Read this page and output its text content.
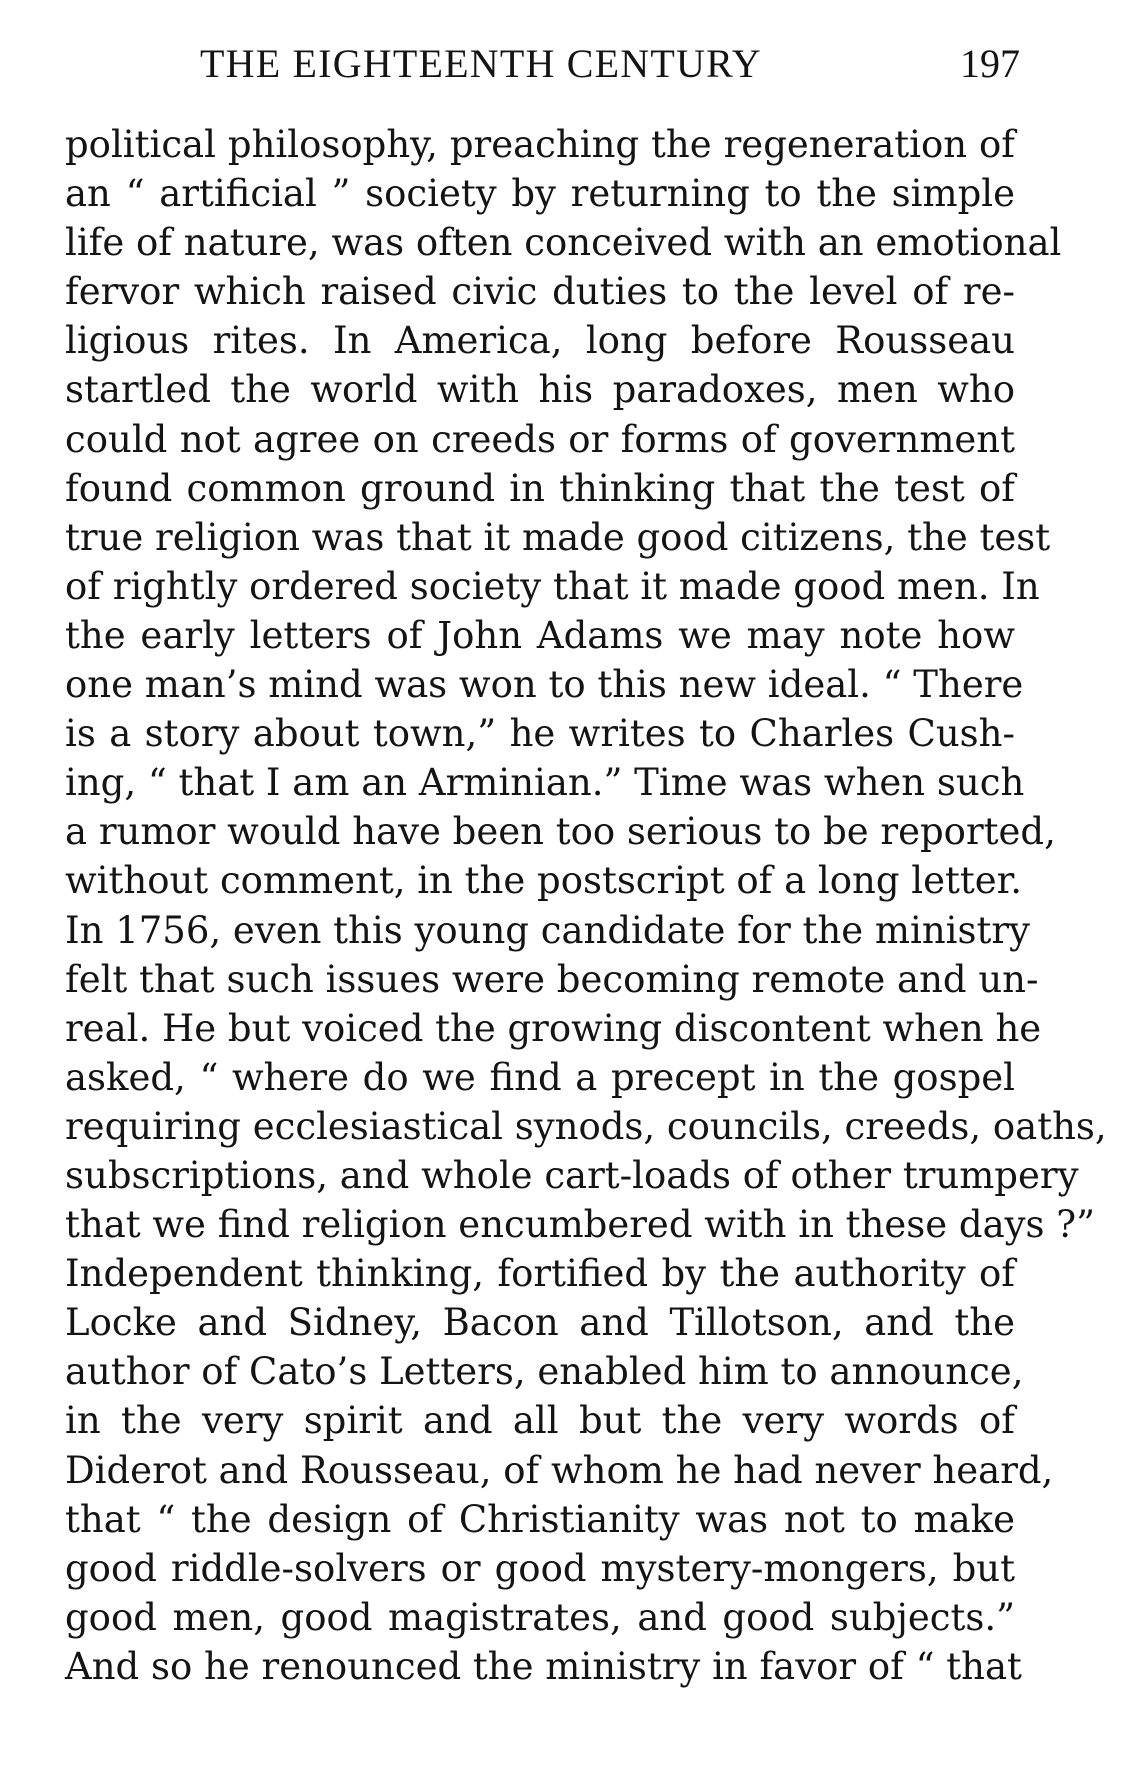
THE EIGHTEENTH CENTURY	197
political philosophy, preaching the regeneration of
an “ artificial ” society by returning to the simple
life of nature, was often conceived with an emotional
fervor which raised civic duties to the level of re-
ligious rites. In America, long before Rousseau
startled the world with his paradoxes, men who
could not agree on creeds or forms of government
found common ground in thinking that the test of
true religion was that it made good citizens, the test
of rightly ordered society that it made good men. In
the early letters of John Adams we may note how
one man’s mind was won to this new ideal. “ There
is a story about town,” he writes to Charles Cush-
ing, “ that I am an Arminian.” Time was when such
a rumor would have been too serious to be reported,
without comment, in the postscript of a long letter.
In 1756, even this young candidate for the ministry
felt that such issues were becoming remote and un-
real. He but voiced the growing discontent when he
asked, “ where do we find a precept in the gospel
requiring ecclesiastical synods, councils, creeds, oaths,
subscriptions, and whole cart-loads of other trumpery
that we find religion encumbered with in these days ?”
Independent thinking, fortified by the authority of
Locke and Sidney, Bacon and Tillotson, and the
author of Cato’s Letters, enabled him to announce,
in the very spirit and all but the very words of
Diderot and Rousseau, of whom he had never heard,
that “ the design of Christianity was not to make
good riddle-solvers or good mystery-mongers, but
good men, good magistrates, and good subjects.”
And so he renounced the ministry in favor of “ that
